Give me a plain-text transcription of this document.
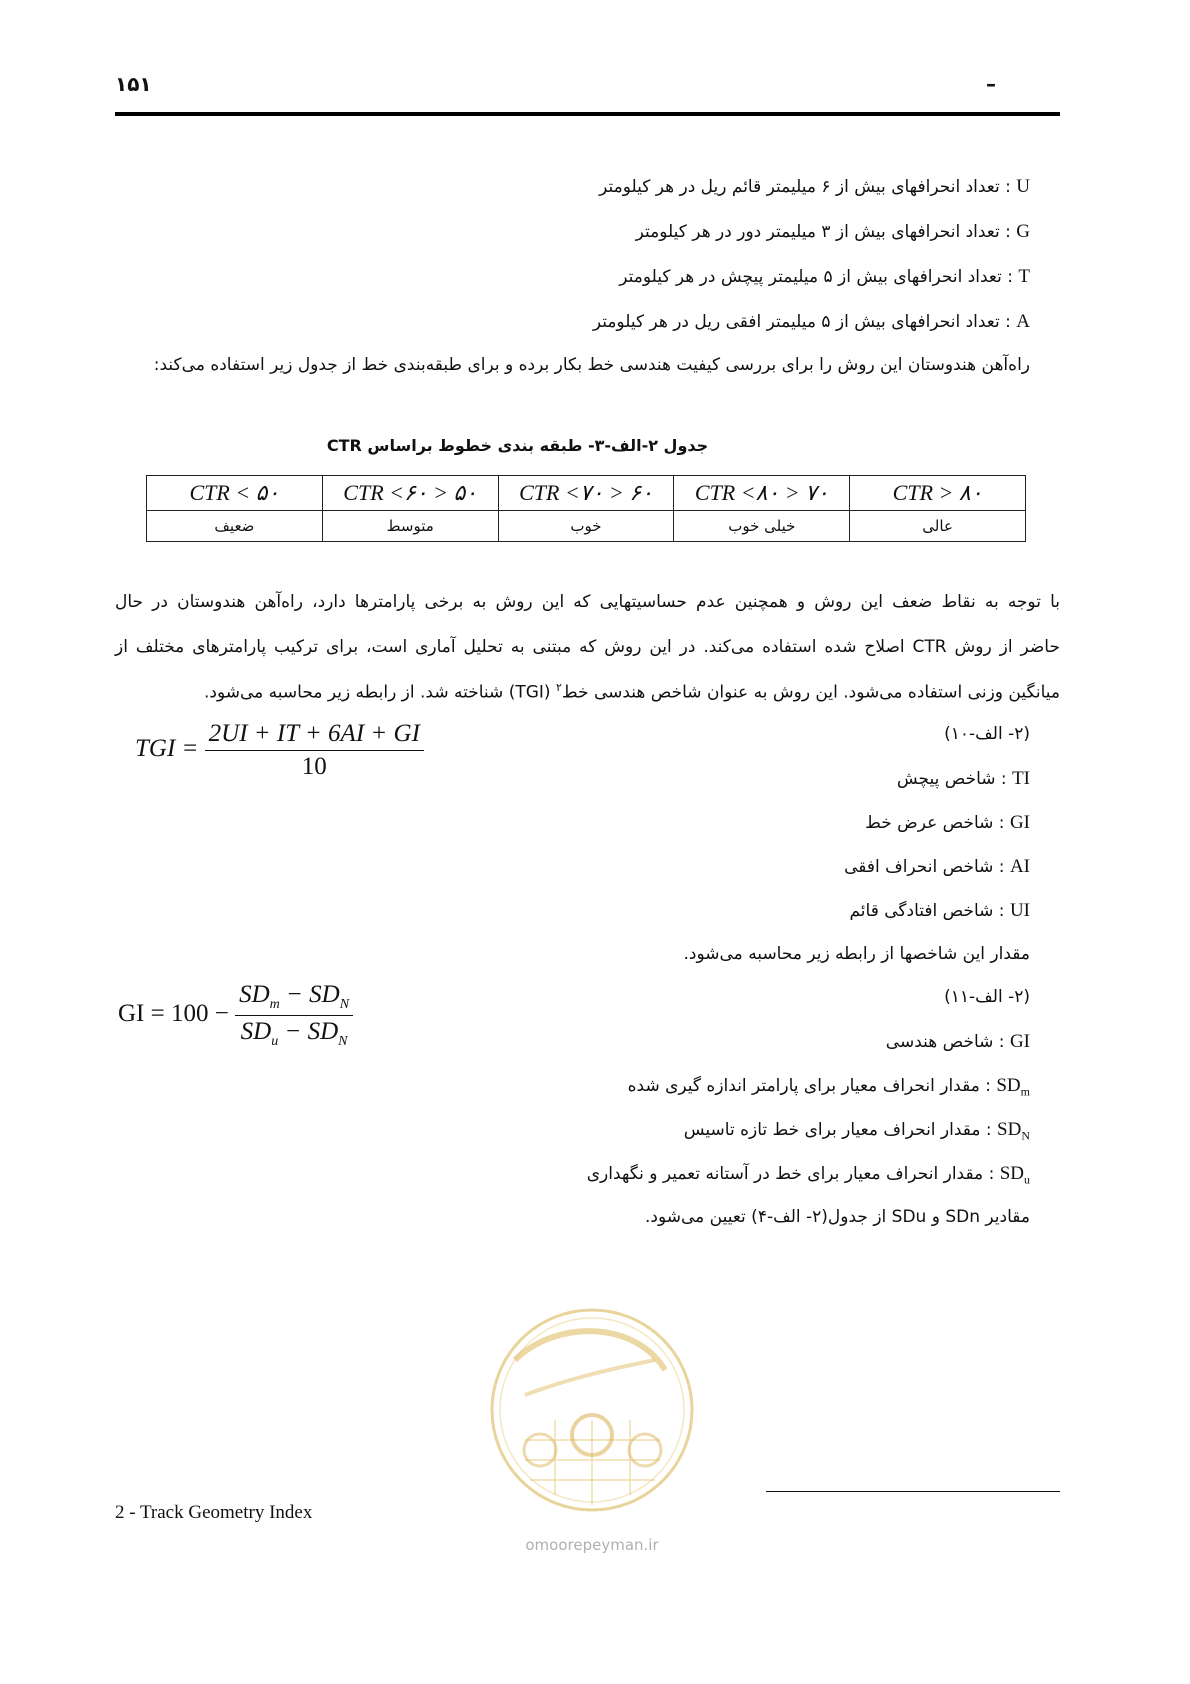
۱۵۱	–
U : تعداد انحرافهای بیش از ۶ میلیمتر قائم ریل در هر کیلومتر
G : تعداد انحرافهای بیش از ۳ میلیمتر دور در هر کیلومتر
T : تعداد انحرافهای بیش از ۵ میلیمتر پیچش در هر کیلومتر
A : تعداد انحرافهای بیش از ۵ میلیمتر افقی ریل در هر کیلومتر
راه‌آهن هندوستان این روش را برای بررسی کیفیت هندسی خط بکار برده و برای طبقه‌بندی خط از جدول زیر استفاده می‌کند:
جدول ۲-الف-۳- طبقه بندی خطوط براساس CTR
۸۰ < CTR	۷۰ < CTR <۸۰	۶۰ < CTR <۷۰	۵۰ < CTR <۶۰	CTR < ۵۰
عالی	خیلی خوب	خوب	متوسط	ضعیف
با توجه به نقاط ضعف این روش و همچنین عدم حساسیتهایی که این روش به برخی پارامترها دارد، راه‌آهن هندوستان در حال
حاضر از روش CTR اصلاح شده استفاده می‌کند. در این روش که مبتنی به تحلیل آماری است، برای ترکیب پارامترهای مختلف از
میانگین وزنی استفاده می‌شود. این روش به عنوان شاخص هندسی خط$^۲$ (TGI) شناخته شد. از رابطه زیر محاسبه می‌شود.
(۲- الف-۱۰)
TGI = $\frac{2UI + IT + 6AI + GI}{10}$	TI : شاخص پیچش
GI : شاخص عرض خط
AI : شاخص انحراف افقی
UI : شاخص افتادگی قائم
مقدار این شاخصها از رابطه زیر محاسبه می‌شود.
(۲- الف-۱۱)
GI = $100 - \frac{SD_m - SD_N}{SD_u - SD_N}$	GI : شاخص هندسی
$SD_m$ : مقدار انحراف معیار برای پارامتر اندازه گیری شده
$SD_N$ : مقدار انحراف معیار برای خط تازه تاسیس
$SD_u$ : مقدار انحراف معیار برای خط در آستانه تعمیر و نگهداری
مقادیر SDn و SDu از جدول(۲- الف-۴) تعیین می‌شود.
omoorepeyman.ir
2 - Track Geometry Index
